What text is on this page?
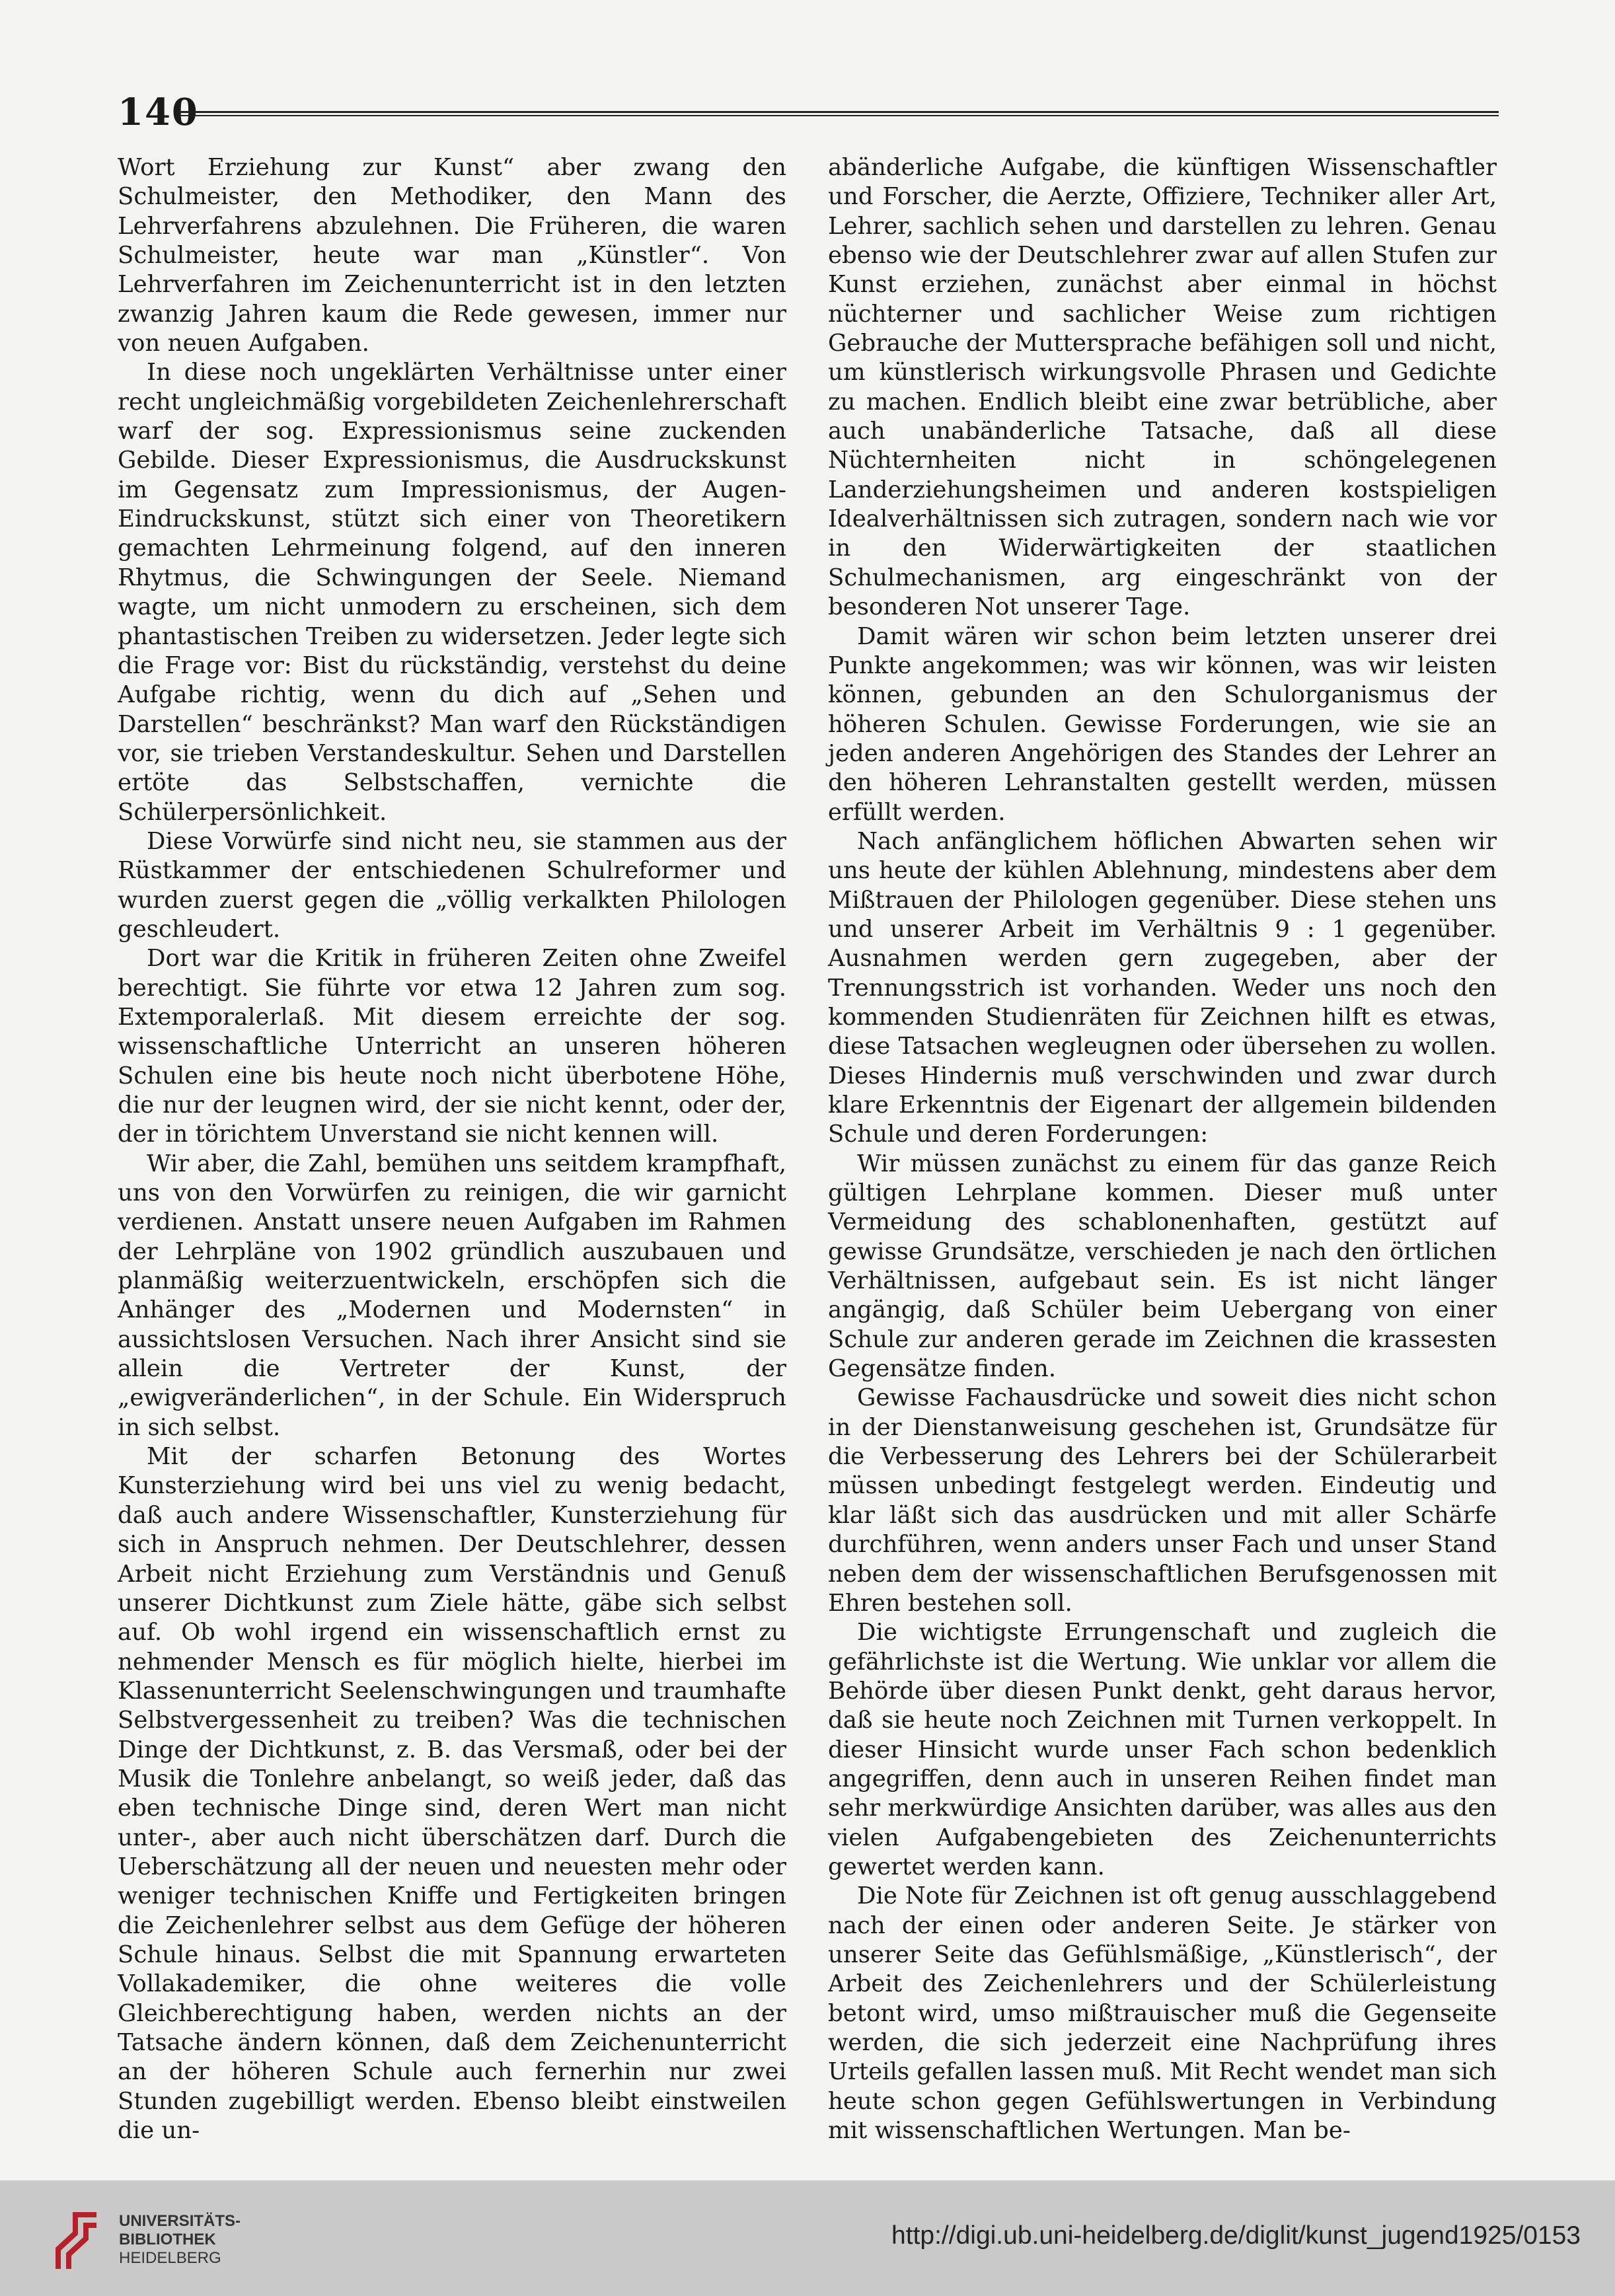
140

Wort Erziehung zur Kunst“ aber zwang den Schulmeister, den Methodiker, den Mann des Lehrverfahrens abzulehnen. Die Früheren, die waren Schulmeister, heute war man „Künstler“. Von Lehrverfahren im Zeichenunterricht ist in den letzten zwanzig Jahren kaum die Rede gewesen, immer nur von neuen Aufgaben.

In diese noch ungeklärten Verhältnisse unter einer recht ungleichmäßig vorgebildeten Zeichenlehrerschaft warf der sog. Expressionismus seine zuckenden Gebilde. Dieser Expressionismus, die Ausdruckskunst im Gegensatz zum Impressionismus, der Augen-Eindruckskunst, stützt sich einer von Theoretikern gemachten Lehrmeinung folgend, auf den inneren Rhytmus, die Schwingungen der Seele. Niemand wagte, um nicht unmodern zu erscheinen, sich dem phantastischen Treiben zu widersetzen. Jeder legte sich die Frage vor: Bist du rückständig, verstehst du deine Aufgabe richtig, wenn du dich auf „Sehen und Darstellen“ beschränkst? Man warf den Rückständigen vor, sie trieben Verstandeskultur. Sehen und Darstellen ertöte das Selbstschaffen, vernichte die Schülerpersönlichkeit.

Diese Vorwürfe sind nicht neu, sie stammen aus der Rüstkammer der entschiedenen Schulreformer und wurden zuerst gegen die „völlig verkalkten Philologen geschleudert.

Dort war die Kritik in früheren Zeiten ohne Zweifel berechtigt. Sie führte vor etwa 12 Jahren zum sog. Extemporalerlaß. Mit diesem erreichte der sog. wissenschaftliche Unterricht an unseren höheren Schulen eine bis heute noch nicht überbotene Höhe, die nur der leugnen wird, der sie nicht kennt, oder der, der in törichtem Unverstand sie nicht kennen will.

Wir aber, die Zahl, bemühen uns seitdem krampfhaft, uns von den Vorwürfen zu reinigen, die wir garnicht verdienen. Anstatt unsere neuen Aufgaben im Rahmen der Lehrpläne von 1902 gründlich auszubauen und planmäßig weiterzuentwickeln, erschöpfen sich die Anhänger des „Modernen und Modernsten“ in aussichtslosen Versuchen. Nach ihrer Ansicht sind sie allein die Vertreter der Kunst, der „ewigveränderlichen“, in der Schule. Ein Widerspruch in sich selbst.

Mit der scharfen Betonung des Wortes Kunsterziehung wird bei uns viel zu wenig bedacht, daß auch andere Wissenschaftler, Kunsterziehung für sich in Anspruch nehmen. Der Deutschlehrer, dessen Arbeit nicht Erziehung zum Verständnis und Genuß unserer Dichtkunst zum Ziele hätte, gäbe sich selbst auf. Ob wohl irgend ein wissenschaftlich ernst zu nehmender Mensch es für möglich hielte, hierbei im Klassenunterricht Seelenschwingungen und traumhafte Selbstvergessenheit zu treiben? Was die technischen Dinge der Dichtkunst, z. B. das Versmaß, oder bei der Musik die Tonlehre anbelangt, so weiß jeder, daß das eben technische Dinge sind, deren Wert man nicht unter-, aber auch nicht überschätzen darf. Durch die Ueberschätzung all der neuen und neuesten mehr oder weniger technischen Kniffe und Fertigkeiten bringen die Zeichenlehrer selbst aus dem Gefüge der höheren Schule hinaus. Selbst die mit Spannung erwarteten Vollakademiker, die ohne weiteres die volle Gleichberechtigung haben, werden nichts an der Tatsache ändern können, daß dem Zeichenunterricht an der höheren Schule auch fernerhin nur zwei Stunden zugebilligt werden. Ebenso bleibt einstweilen die un-

abänderliche Aufgabe, die künftigen Wissenschaftler und Forscher, die Aerzte, Offiziere, Techniker aller Art, Lehrer, sachlich sehen und darstellen zu lehren. Genau ebenso wie der Deutschlehrer zwar auf allen Stufen zur Kunst erziehen, zunächst aber einmal in höchst nüchterner und sachlicher Weise zum richtigen Gebrauche der Muttersprache befähigen soll und nicht, um künstlerisch wirkungsvolle Phrasen und Gedichte zu machen. Endlich bleibt eine zwar betrübliche, aber auch unabänderliche Tatsache, daß all diese Nüchternheiten nicht in schöngelegenen Landerziehungsheimen und anderen kostspieligen Idealverhältnissen sich zutragen, sondern nach wie vor in den Widerwärtigkeiten der staatlichen Schulmechanismen, arg eingeschränkt von der besonderen Not unserer Tage.

Damit wären wir schon beim letzten unserer drei Punkte angekommen; was wir können, was wir leisten können, gebunden an den Schulorganismus der höheren Schulen. Gewisse Forderungen, wie sie an jeden anderen Angehörigen des Standes der Lehrer an den höheren Lehranstalten gestellt werden, müssen erfüllt werden.

Nach anfänglichem höflichen Abwarten sehen wir uns heute der kühlen Ablehnung, mindestens aber dem Mißtrauen der Philologen gegenüber. Diese stehen uns und unserer Arbeit im Verhältnis 9 : 1 gegenüber. Ausnahmen werden gern zugegeben, aber der Trennungsstrich ist vorhanden. Weder uns noch den kommenden Studienräten für Zeichnen hilft es etwas, diese Tatsachen wegleugnen oder übersehen zu wollen. Dieses Hindernis muß verschwinden und zwar durch klare Erkenntnis der Eigenart der allgemein bildenden Schule und deren Forderungen:

Wir müssen zunächst zu einem für das ganze Reich gültigen Lehrplane kommen. Dieser muß unter Vermeidung des schablonenhaften, gestützt auf gewisse Grundsätze, verschieden je nach den örtlichen Verhältnissen, aufgebaut sein. Es ist nicht länger angängig, daß Schüler beim Uebergang von einer Schule zur anderen gerade im Zeichnen die krassesten Gegensätze finden.

Gewisse Fachausdrücke und soweit dies nicht schon in der Dienstanweisung geschehen ist, Grundsätze für die Verbesserung des Lehrers bei der Schülerarbeit müssen unbedingt festgelegt werden. Eindeutig und klar läßt sich das ausdrücken und mit aller Schärfe durchführen, wenn anders unser Fach und unser Stand neben dem der wissenschaftlichen Berufsgenossen mit Ehren bestehen soll.

Die wichtigste Errungenschaft und zugleich die gefährlichste ist die Wertung. Wie unklar vor allem die Behörde über diesen Punkt denkt, geht daraus hervor, daß sie heute noch Zeichnen mit Turnen verkoppelt. In dieser Hinsicht wurde unser Fach schon bedenklich angegriffen, denn auch in unseren Reihen findet man sehr merkwürdige Ansichten darüber, was alles aus den vielen Aufgabengebieten des Zeichenunterrichts gewertet werden kann.

Die Note für Zeichnen ist oft genug ausschlaggebend nach der einen oder anderen Seite. Je stärker von unserer Seite das Gefühlsmäßige, „Künstlerisch“, der Arbeit des Zeichenlehrers und der Schülerleistung betont wird, umso mißtrauischer muß die Gegenseite werden, die sich jederzeit eine Nachprüfung ihres Urteils gefallen lassen muß. Mit Recht wendet man sich heute schon gegen Gefühlswertungen in Verbindung mit wissenschaftlichen Wertungen. Man be-

UNIVERSITÄTS-
BIBLIOTHEK
HEIDELBERG
http://digi.ub.uni-heidelberg.de/diglit/kunst_jugend1925/0153
